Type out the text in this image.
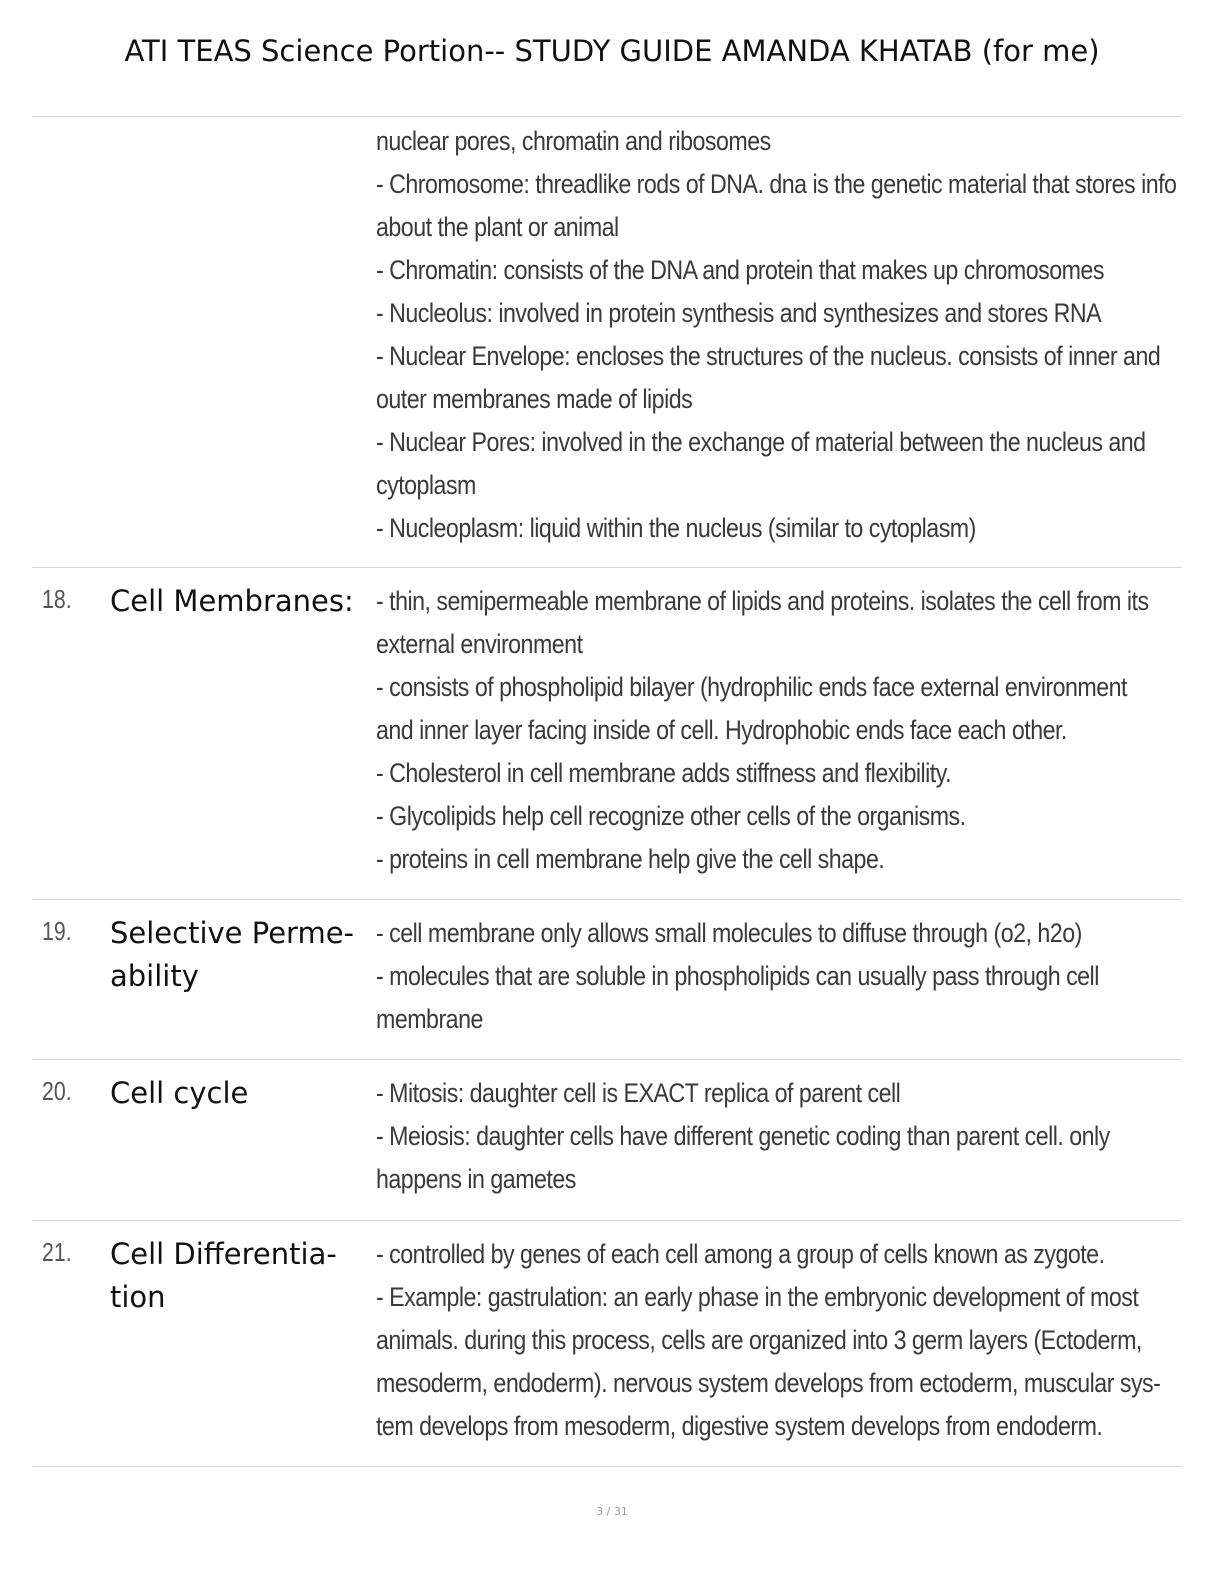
ATI TEAS Science Portion-- STUDY GUIDE AMANDA KHATAB (for me)
nuclear pores, chromatin and ribosomes
- Chromosome: threadlike rods of DNA. dna is the genetic material that stores info
about the plant or animal
- Chromatin: consists of the DNA and protein that makes up chromosomes
- Nucleolus: involved in protein synthesis and synthesizes and stores RNA
- Nuclear Envelope: encloses the structures of the nucleus. consists of inner and
outer membranes made of lipids
- Nuclear Pores: involved in the exchange of material between the nucleus and
cytoplasm
- Nucleoplasm: liquid within the nucleus (similar to cytoplasm)
18. Cell Membranes: - thin, semipermeable membrane of lipids and proteins. isolates the cell from its
external environment
- consists of phospholipid bilayer (hydrophilic ends face external environment
and inner layer facing inside of cell. Hydrophobic ends face each other.
- Cholesterol in cell membrane adds stiffness and flexibility.
- Glycolipids help cell recognize other cells of the organisms.
- proteins in cell membrane help give the cell shape.
19. Selective Perme-
ability
- cell membrane only allows small molecules to diffuse through (o2, h2o)
- molecules that are soluble in phospholipids can usually pass through cell
membrane
20. Cell cycle	- Mitosis: daughter cell is EXACT replica of parent cell
- Meiosis: daughter cells have different genetic coding than parent cell. only
happens in gametes
21. Cell Differentia-
tion
- controlled by genes of each cell among a group of cells known as zygote.
- Example: gastrulation: an early phase in the embryonic development of most
animals. during this process, cells are organized into 3 germ layers (Ectoderm,
mesoderm, endoderm). nervous system develops from ectoderm, muscular sys-
tem develops from mesoderm, digestive system develops from endoderm.
3 / 31
